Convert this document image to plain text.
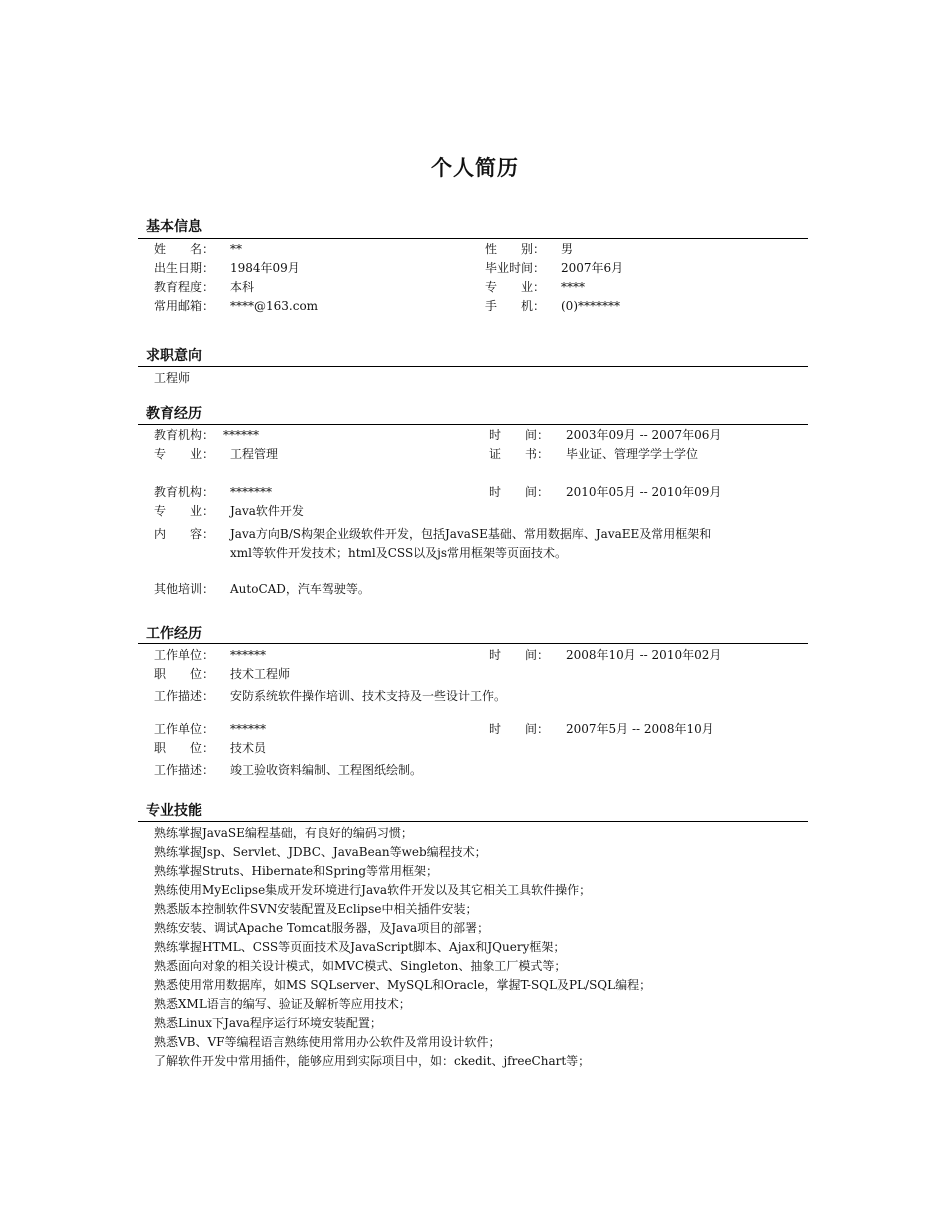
个人简历
基本信息
姓　　名： **	性　　别： 男
出生日期： 1984年09月	毕业时间： 2007年6月
教育程度： 本科	专　　业： ****
常用邮箱： ****@163.com	手　　机： (0)*******
求职意向
工程师
教育经历
教育机构： ******	时　　间： 2003年09月 -- 2007年06月
专　　业： 工程管理	证　　书： 毕业证、管理学学士学位
教育机构： *******	时　　间： 2010年05月 -- 2010年09月
专　　业： Java软件开发
内　　容： Java方向B/S构架企业级软件开发，包括JavaSE基础、常用数据库、JavaEE及常用框架和
xml等软件开发技术；html及CSS以及js常用框架等页面技术。
其他培训： AutoCAD，汽车驾驶等。
工作经历
工作单位： ******	时　　间： 2008年10月 -- 2010年02月
职　　位： 技术工程师
工作描述： 安防系统软件操作培训、技术支持及一些设计工作。
工作单位： ******	时　　间： 2007年5月 -- 2008年10月
职　　位： 技术员
工作描述： 竣工验收资料编制、工程图纸绘制。
专业技能
熟练掌握JavaSE编程基础，有良好的编码习惯；
熟练掌握Jsp、Servlet、JDBC、JavaBean等web编程技术；
熟练掌握Struts、Hibernate和Spring等常用框架；
熟练使用MyEclipse集成开发环境进行Java软件开发以及其它相关工具软件操作；
熟悉版本控制软件SVN安装配置及Eclipse中相关插件安装；
熟练安装、调试Apache Tomcat服务器，及Java项目的部署；
熟练掌握HTML、CSS等页面技术及JavaScript脚本、Ajax和JQuery框架；
熟悉面向对象的相关设计模式，如MVC模式、Singleton、抽象工厂模式等；
熟悉使用常用数据库，如MS SQLserver、MySQL和Oracle，掌握T-SQL及PL/SQL编程；
熟悉XML语言的编写、验证及解析等应用技术；
熟悉Linux下Java程序运行环境安装配置；
熟悉VB、VF等编程语言熟练使用常用办公软件及常用设计软件；
了解软件开发中常用插件，能够应用到实际项目中，如：ckedit、jfreeChart等；
